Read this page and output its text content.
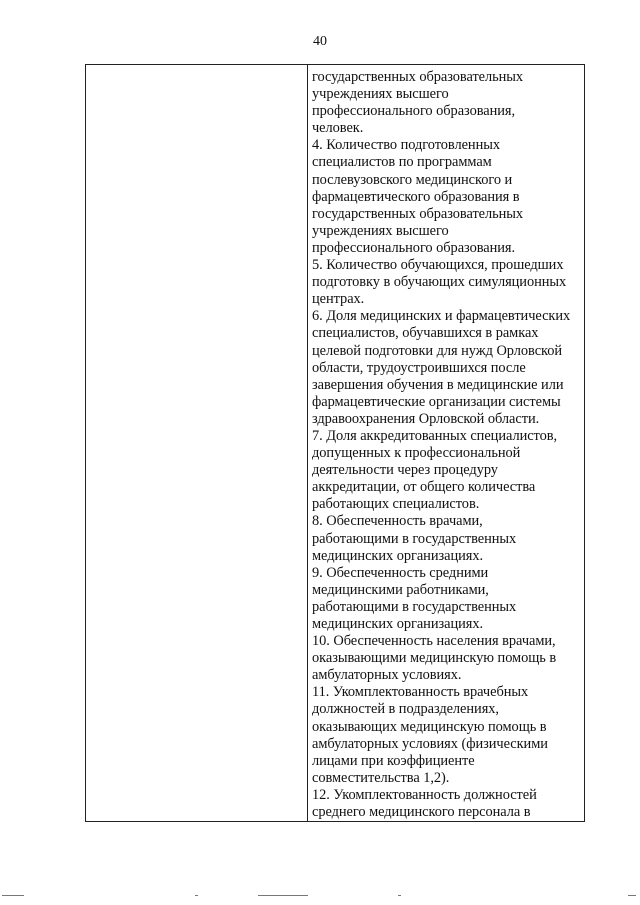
40
государственных образовательных
учреждениях высшего
профессионального образования,
человек.
4. Количество подготовленных
специалистов по программам
послевузовского медицинского и
фармацевтического образования в
государственных образовательных
учреждениях высшего
профессионального образования.
5. Количество обучающихся, прошедших
подготовку в обучающих симуляционных
центрах.
6. Доля медицинских и фармацевтических
специалистов, обучавшихся в рамках
целевой подготовки для нужд Орловской
области, трудоустроившихся после
завершения обучения в медицинские или
фармацевтические организации системы
здравоохранения Орловской области.
7. Доля аккредитованных специалистов,
допущенных к профессиональной
деятельности через процедуру
аккредитации, от общего количества
работающих специалистов.
8. Обеспеченность врачами,
работающими в государственных
медицинских организациях.
9. Обеспеченность средними
медицинскими работниками,
работающими в государственных
медицинских организациях.
10. Обеспеченность населения врачами,
оказывающими медицинскую помощь в
амбулаторных условиях.
11. Укомплектованность врачебных
должностей в подразделениях,
оказывающих медицинскую помощь в
амбулаторных условиях (физическими
лицами при коэффициенте
совместительства 1,2).
12. Укомплектованность должностей
среднего медицинского персонала в
